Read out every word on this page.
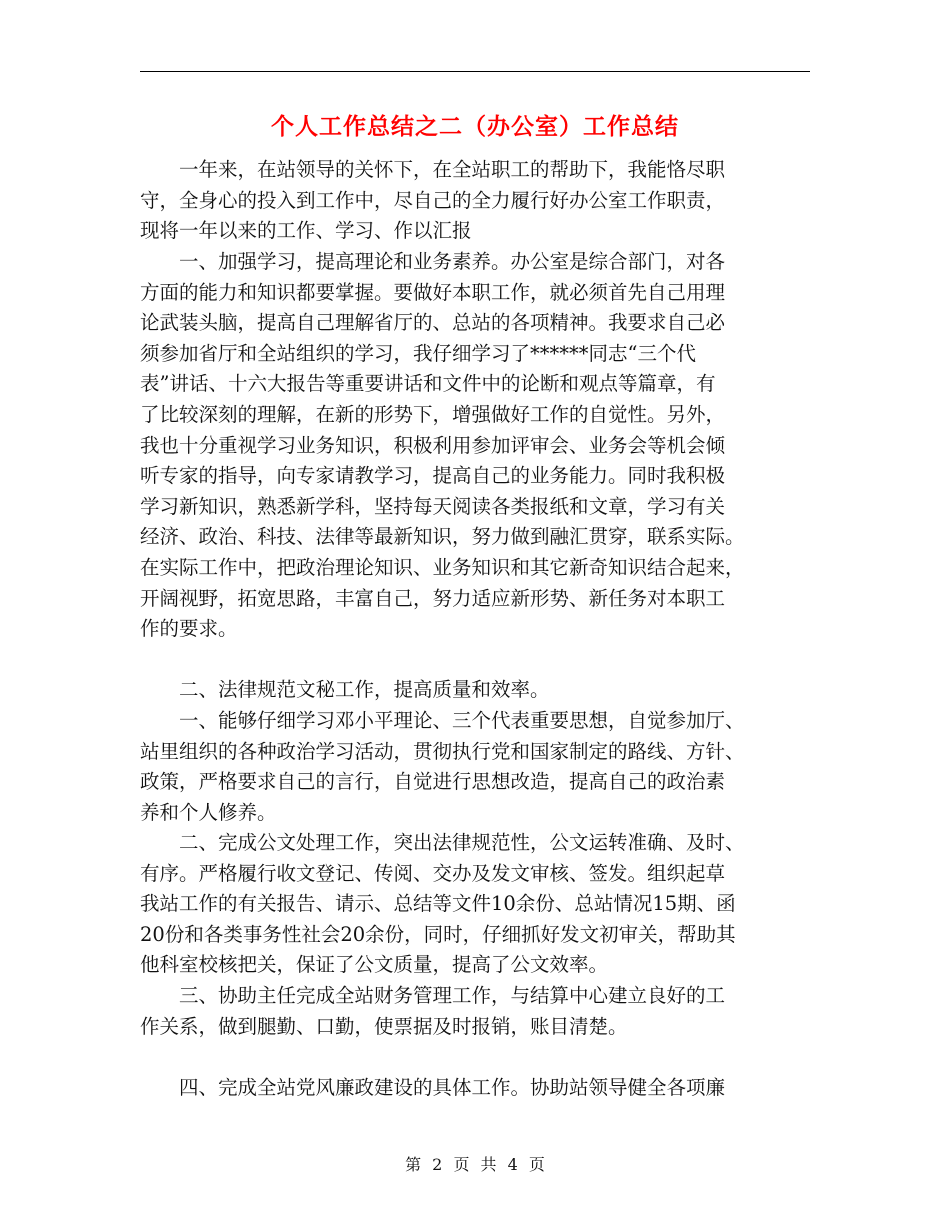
个人工作总结之二（办公室）工作总结
一年来，在站领导的关怀下，在全站职工的帮助下，我能恪尽职
守，全身心的投入到工作中，尽自己的全力履行好办公室工作职责，
现将一年以来的工作、学习、作以汇报
一、加强学习，提高理论和业务素养。办公室是综合部门，对各
方面的能力和知识都要掌握。要做好本职工作，就必须首先自己用理
论武装头脑，提高自己理解省厅的、总站的各项精神。我要求自己必
须参加省厅和全站组织的学习，我仔细学习了******同志“三个代
表”讲话、十六大报告等重要讲话和文件中的论断和观点等篇章，有
了比较深刻的理解，在新的形势下，增强做好工作的自觉性。另外，
我也十分重视学习业务知识，积极利用参加评审会、业务会等机会倾
听专家的指导，向专家请教学习，提高自己的业务能力。同时我积极
学习新知识，熟悉新学科，坚持每天阅读各类报纸和文章，学习有关
经济、政治、科技、法律等最新知识，努力做到融汇贯穿，联系实际。
在实际工作中，把政治理论知识、业务知识和其它新奇知识结合起来，
开阔视野，拓宽思路，丰富自己，努力适应新形势、新任务对本职工
作的要求。
二、法律规范文秘工作，提高质量和效率。
一、能够仔细学习邓小平理论、三个代表重要思想，自觉参加厅、
站里组织的各种政治学习活动，贯彻执行党和国家制定的路线、方针、
政策，严格要求自己的言行，自觉进行思想改造，提高自己的政治素
养和个人修养。
二、完成公文处理工作，突出法律规范性，公文运转准确、及时、
有序。严格履行收文登记、传阅、交办及发文审核、签发。组织起草
我站工作的有关报告、请示、总结等文件10余份、总站情况15期、函
20份和各类事务性社会20余份，同时，仔细抓好发文初审关，帮助其
他科室校核把关，保证了公文质量，提高了公文效率。
三、协助主任完成全站财务管理工作，与结算中心建立良好的工
作关系，做到腿勤、口勤，使票据及时报销，账目清楚。
四、完成全站党风廉政建设的具体工作。协助站领导健全各项廉
第 2 页 共 4 页
